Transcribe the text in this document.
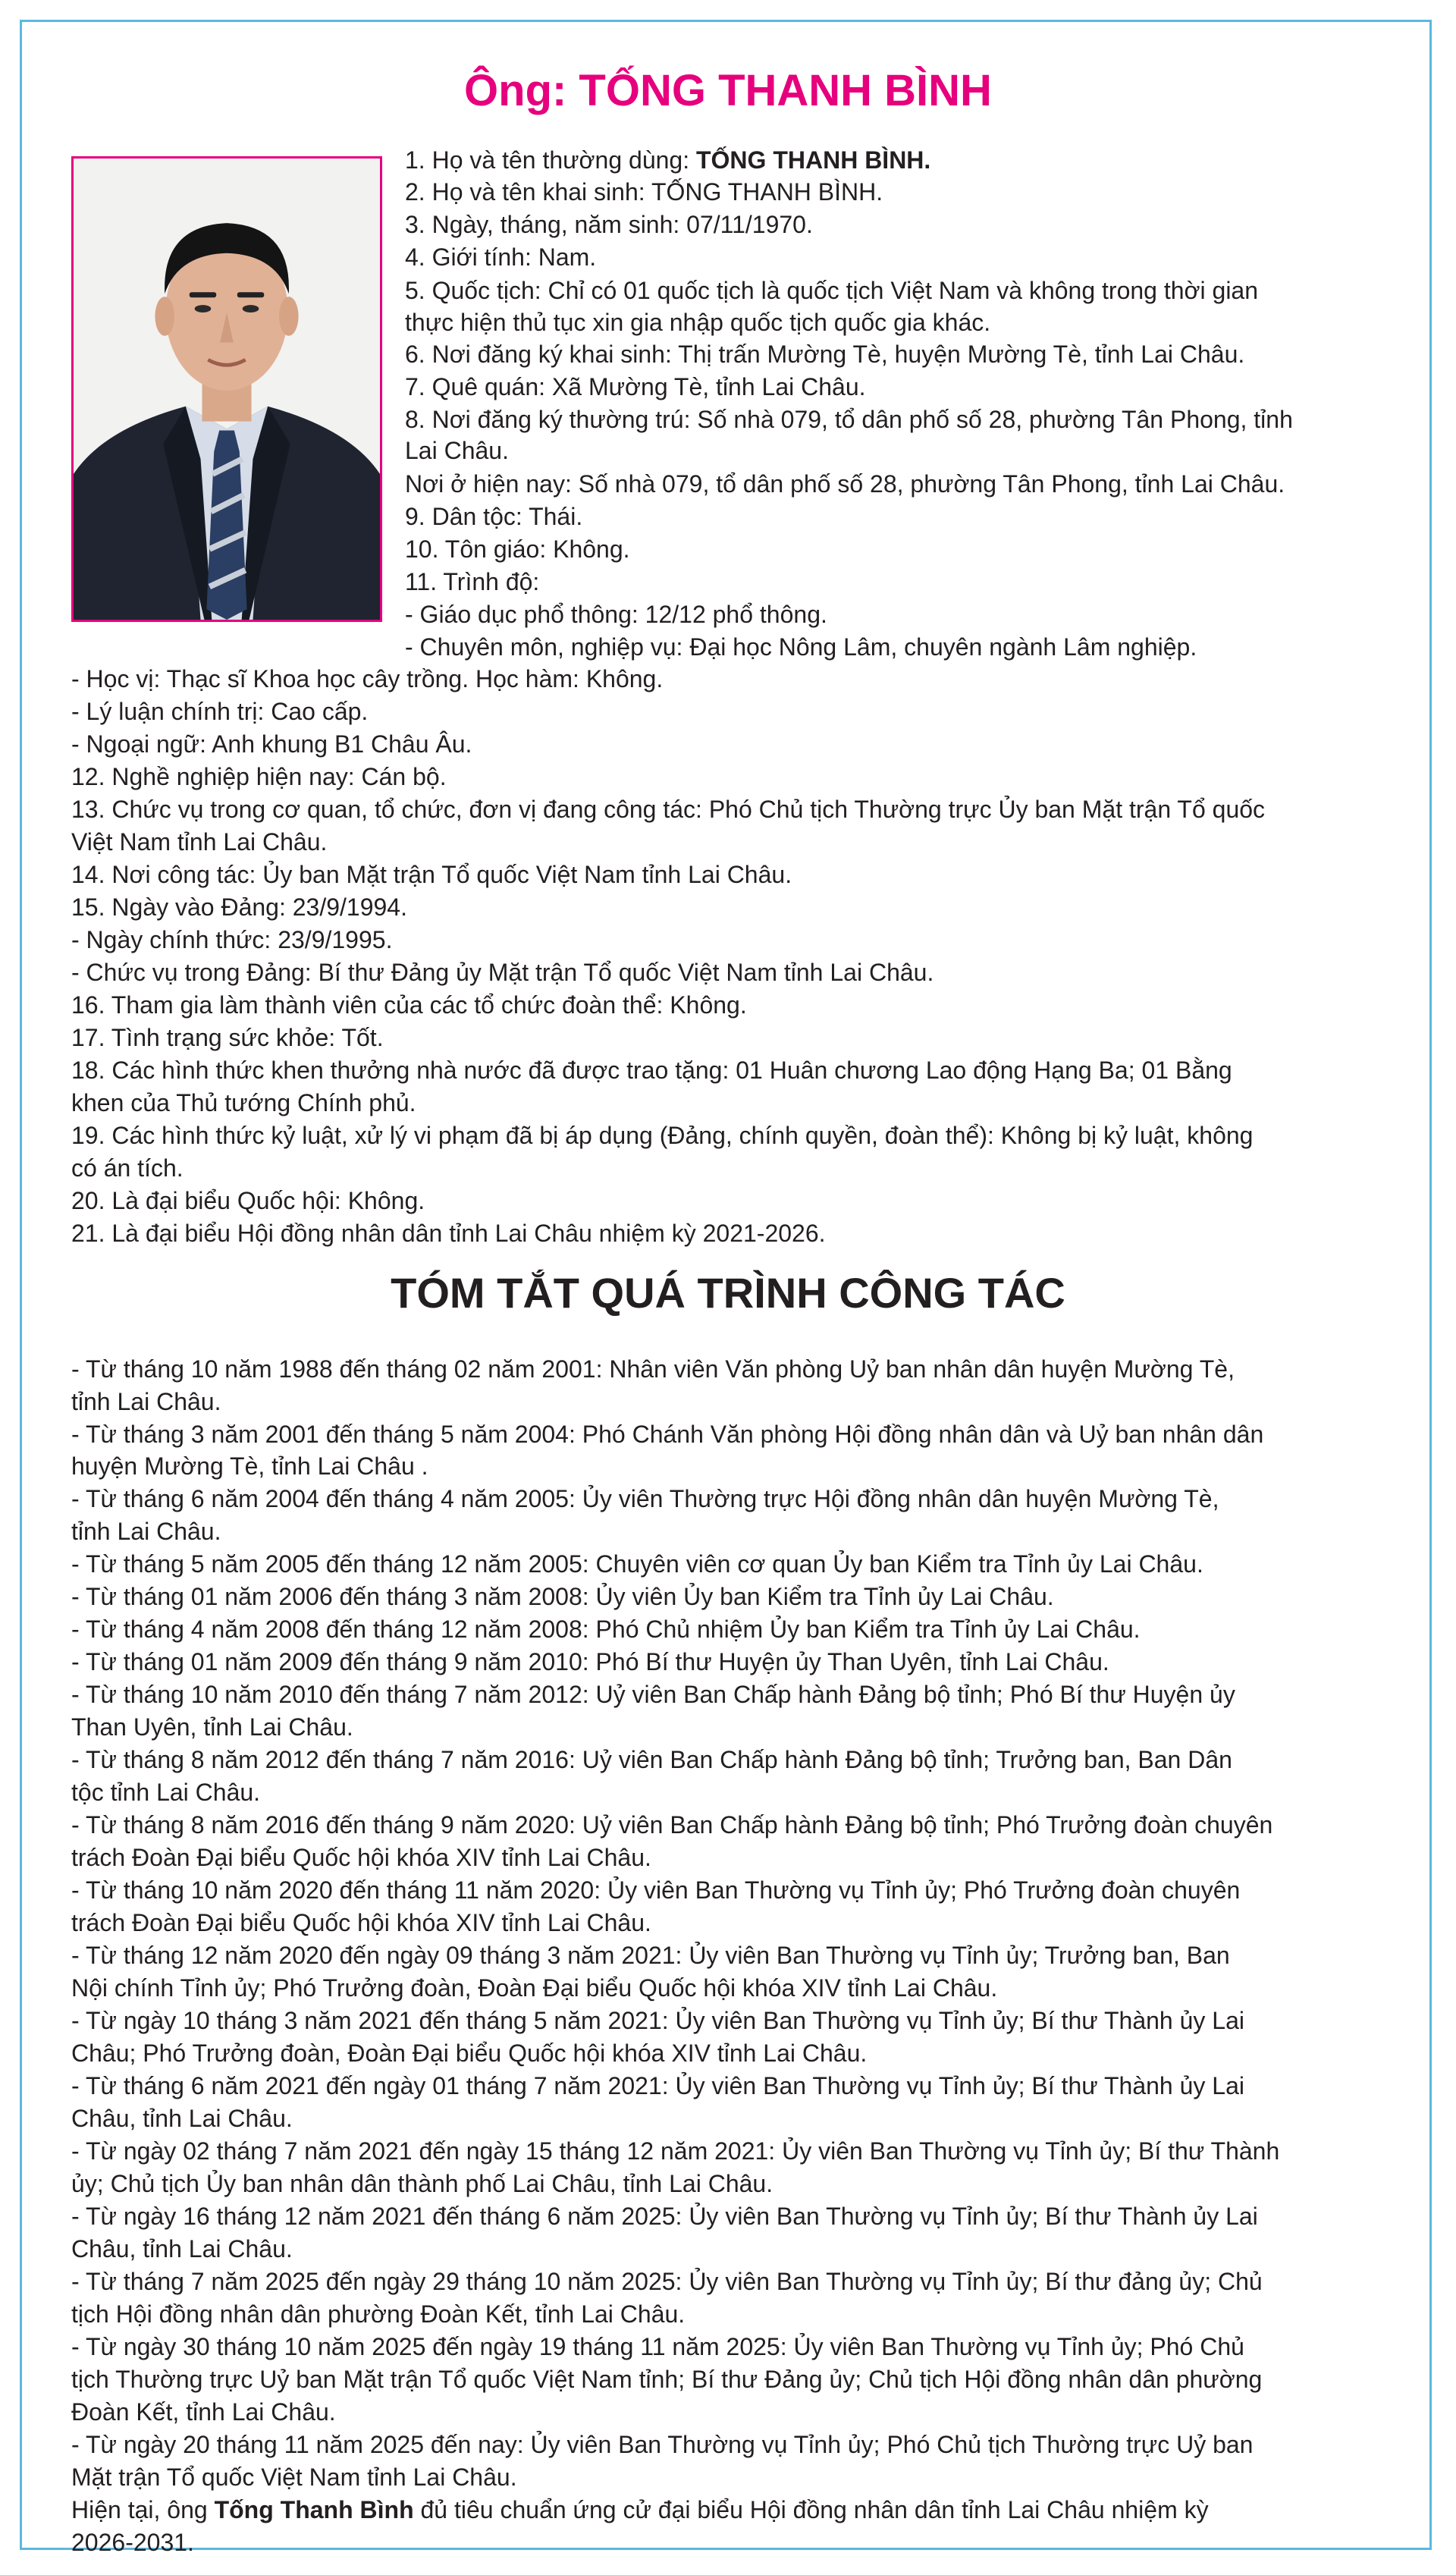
Ông: TỐNG THANH BÌNH
1. Họ và tên thường dùng: TỐNG THANH BÌNH.
2. Họ và tên khai sinh: TỐNG THANH BÌNH.
3. Ngày, tháng, năm sinh: 07/11/1970.
4. Giới tính: Nam.
5. Quốc tịch: Chỉ có 01 quốc tịch là quốc tịch Việt Nam và không trong thời gian
thực hiện thủ tục xin gia nhập quốc tịch quốc gia khác.
6. Nơi đăng ký khai sinh: Thị trấn Mường Tè, huyện Mường Tè, tỉnh Lai Châu.
7. Quê quán: Xã Mường Tè, tỉnh Lai Châu.
8. Nơi đăng ký thường trú: Số nhà 079, tổ dân phố số 28, phường Tân Phong, tỉnh
Lai Châu.
Nơi ở hiện nay: Số nhà 079, tổ dân phố số 28, phường Tân Phong, tỉnh Lai Châu.
9. Dân tộc: Thái.
10. Tôn giáo: Không.
11. Trình độ:
- Giáo dục phổ thông: 12/12 phổ thông.
- Chuyên môn, nghiệp vụ: Đại học Nông Lâm, chuyên ngành Lâm nghiệp.
- Học vị: Thạc sĩ Khoa học cây trồng. Học hàm: Không.
- Lý luận chính trị: Cao cấp.
- Ngoại ngữ: Anh khung B1 Châu Âu.
12. Nghề nghiệp hiện nay: Cán bộ.
13. Chức vụ trong cơ quan, tổ chức, đơn vị đang công tác: Phó Chủ tịch Thường trực Ủy ban Mặt trận Tổ quốc
Việt Nam tỉnh Lai Châu.
14. Nơi công tác: Ủy ban Mặt trận Tổ quốc Việt Nam tỉnh Lai Châu.
15. Ngày vào Đảng: 23/9/1994.
- Ngày chính thức: 23/9/1995.
- Chức vụ trong Đảng: Bí thư Đảng ủy Mặt trận Tổ quốc Việt Nam tỉnh Lai Châu.
16. Tham gia làm thành viên của các tổ chức đoàn thể: Không.
17. Tình trạng sức khỏe: Tốt.
18. Các hình thức khen thưởng nhà nước đã được trao tặng: 01 Huân chương Lao động Hạng Ba; 01 Bằng
khen của Thủ tướng Chính phủ.
19. Các hình thức kỷ luật, xử lý vi phạm đã bị áp dụng (Đảng, chính quyền, đoàn thể): Không bị kỷ luật, không
có án tích.
20. Là đại biểu Quốc hội: Không.
21. Là đại biểu Hội đồng nhân dân tỉnh Lai Châu nhiệm kỳ 2021-2026.
TÓM TẮT QUÁ TRÌNH CÔNG TÁC
- Từ tháng 10 năm 1988 đến tháng 02 năm 2001: Nhân viên Văn phòng Uỷ ban nhân dân huyện Mường Tè,
tỉnh Lai Châu.
- Từ tháng 3 năm 2001 đến tháng 5 năm 2004: Phó Chánh Văn phòng Hội đồng nhân dân và Uỷ ban nhân dân
huyện Mường Tè, tỉnh Lai Châu .
- Từ tháng 6 năm 2004 đến tháng 4 năm 2005: Ủy viên Thường trực Hội đồng nhân dân huyện Mường Tè,
tỉnh Lai Châu.
- Từ tháng 5 năm 2005 đến tháng 12 năm 2005: Chuyên viên cơ quan Ủy ban Kiểm tra Tỉnh ủy Lai Châu.
- Từ tháng 01 năm 2006 đến tháng 3 năm 2008: Ủy viên Ủy ban Kiểm tra Tỉnh ủy Lai Châu.
- Từ tháng 4 năm 2008 đến tháng 12 năm 2008: Phó Chủ nhiệm Ủy ban Kiểm tra Tỉnh ủy Lai Châu.
- Từ tháng 01 năm 2009 đến tháng 9 năm 2010: Phó Bí thư Huyện ủy Than Uyên, tỉnh Lai Châu.
- Từ tháng 10 năm 2010 đến tháng 7 năm 2012: Uỷ viên Ban Chấp hành Đảng bộ tỉnh; Phó Bí thư Huyện ủy
Than Uyên, tỉnh Lai Châu.
- Từ tháng 8 năm 2012 đến tháng 7 năm 2016: Uỷ viên Ban Chấp hành Đảng bộ tỉnh; Trưởng ban, Ban Dân
tộc tỉnh Lai Châu.
- Từ tháng 8 năm 2016 đến tháng 9 năm 2020: Uỷ viên Ban Chấp hành Đảng bộ tỉnh; Phó Trưởng đoàn chuyên
trách Đoàn Đại biểu Quốc hội khóa XIV tỉnh Lai Châu.
- Từ tháng 10 năm 2020 đến tháng 11 năm 2020: Ủy viên Ban Thường vụ Tỉnh ủy; Phó Trưởng đoàn chuyên
trách Đoàn Đại biểu Quốc hội khóa XIV tỉnh Lai Châu.
- Từ tháng 12 năm 2020 đến ngày 09 tháng 3 năm 2021: Ủy viên Ban Thường vụ Tỉnh ủy; Trưởng ban, Ban
Nội chính Tỉnh ủy; Phó Trưởng đoàn, Đoàn Đại biểu Quốc hội khóa XIV tỉnh Lai Châu.
- Từ ngày 10 tháng 3 năm 2021 đến tháng 5 năm 2021: Ủy viên Ban Thường vụ Tỉnh ủy; Bí thư Thành ủy Lai
Châu; Phó Trưởng đoàn, Đoàn Đại biểu Quốc hội khóa XIV tỉnh Lai Châu.
- Từ tháng 6 năm 2021 đến ngày 01 tháng 7 năm 2021: Ủy viên Ban Thường vụ Tỉnh ủy; Bí thư Thành ủy Lai
Châu, tỉnh Lai Châu.
- Từ ngày 02 tháng 7 năm 2021 đến ngày 15 tháng 12 năm 2021: Ủy viên Ban Thường vụ Tỉnh ủy; Bí thư Thành
ủy; Chủ tịch Ủy ban nhân dân thành phố Lai Châu, tỉnh Lai Châu.
- Từ ngày 16 tháng 12 năm 2021 đến tháng 6 năm 2025: Ủy viên Ban Thường vụ Tỉnh ủy; Bí thư Thành ủy Lai
Châu, tỉnh Lai Châu.
- Từ tháng 7 năm 2025 đến ngày 29 tháng 10 năm 2025: Ủy viên Ban Thường vụ Tỉnh ủy; Bí thư đảng ủy; Chủ
tịch Hội đồng nhân dân phường Đoàn Kết, tỉnh Lai Châu.
- Từ ngày 30 tháng 10 năm 2025 đến ngày 19 tháng 11 năm 2025: Ủy viên Ban Thường vụ Tỉnh ủy; Phó Chủ
tịch Thường trực Uỷ ban Mặt trận Tổ quốc Việt Nam tỉnh; Bí thư Đảng ủy; Chủ tịch Hội đồng nhân dân phường
Đoàn Kết, tỉnh Lai Châu.
- Từ ngày 20 tháng 11 năm 2025 đến nay: Ủy viên Ban Thường vụ Tỉnh ủy; Phó Chủ tịch Thường trực Uỷ ban
Mặt trận Tổ quốc Việt Nam tỉnh Lai Châu.
Hiện tại, ông Tống Thanh Bình đủ tiêu chuẩn ứng cử đại biểu Hội đồng nhân dân tỉnh Lai Châu nhiệm kỳ
2026-2031.
